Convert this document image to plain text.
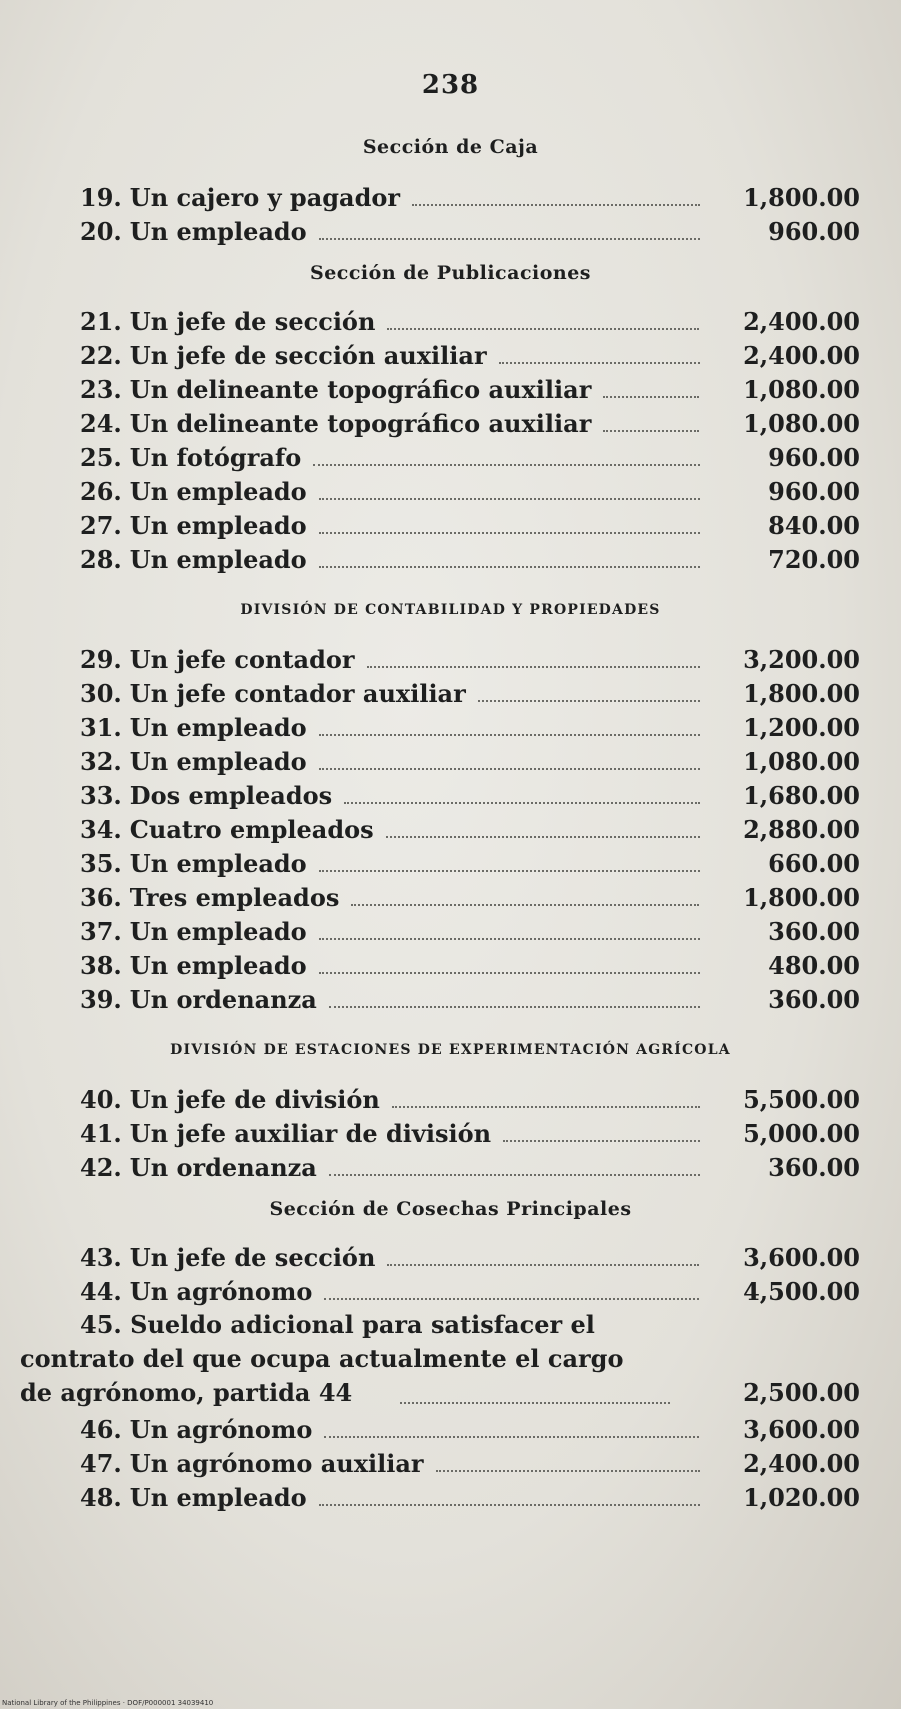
238
Sección de Caja
19. Un cajero y pagador	1,800.00
20. Un empleado	960.00
Sección de Publicaciones
21. Un jefe de sección	2,400.00
22. Un jefe de sección auxiliar	2,400.00
23. Un delineante topográfico auxiliar	1,080.00
24. Un delineante topográfico auxiliar	1,080.00
25. Un fotógrafo	960.00
26. Un empleado	960.00
27. Un empleado	840.00
28. Un empleado	720.00
DIVISIÓN DE CONTABILIDAD Y PROPIEDADES
29. Un jefe contador	3,200.00
30. Un jefe contador auxiliar	1,800.00
31. Un empleado	1,200.00
32. Un empleado	1,080.00
33. Dos empleados	1,680.00
34. Cuatro empleados	2,880.00
35. Un empleado	660.00
36. Tres empleados	1,800.00
37. Un empleado	360.00
38. Un empleado	480.00
39. Un ordenanza	360.00
DIVISIÓN DE ESTACIONES DE EXPERIMENTACIÓN AGRÍCOLA
40. Un jefe de división	5,500.00
41. Un jefe auxiliar de división	5,000.00
42. Un ordenanza	360.00
Sección de Cosechas Principales
43. Un jefe de sección	3,600.00
44. Un agrónomo	4,500.00
45. Sueldo adicional para satisfacer el
contrato del que ocupa actualmente el cargo
de agrónomo, partida 44	2,500.00
46. Un agrónomo	3,600.00
47. Un agrónomo auxiliar	2,400.00
48. Un empleado	1,020.00
National Library of the Philippines · DOF/P000001 34039410
